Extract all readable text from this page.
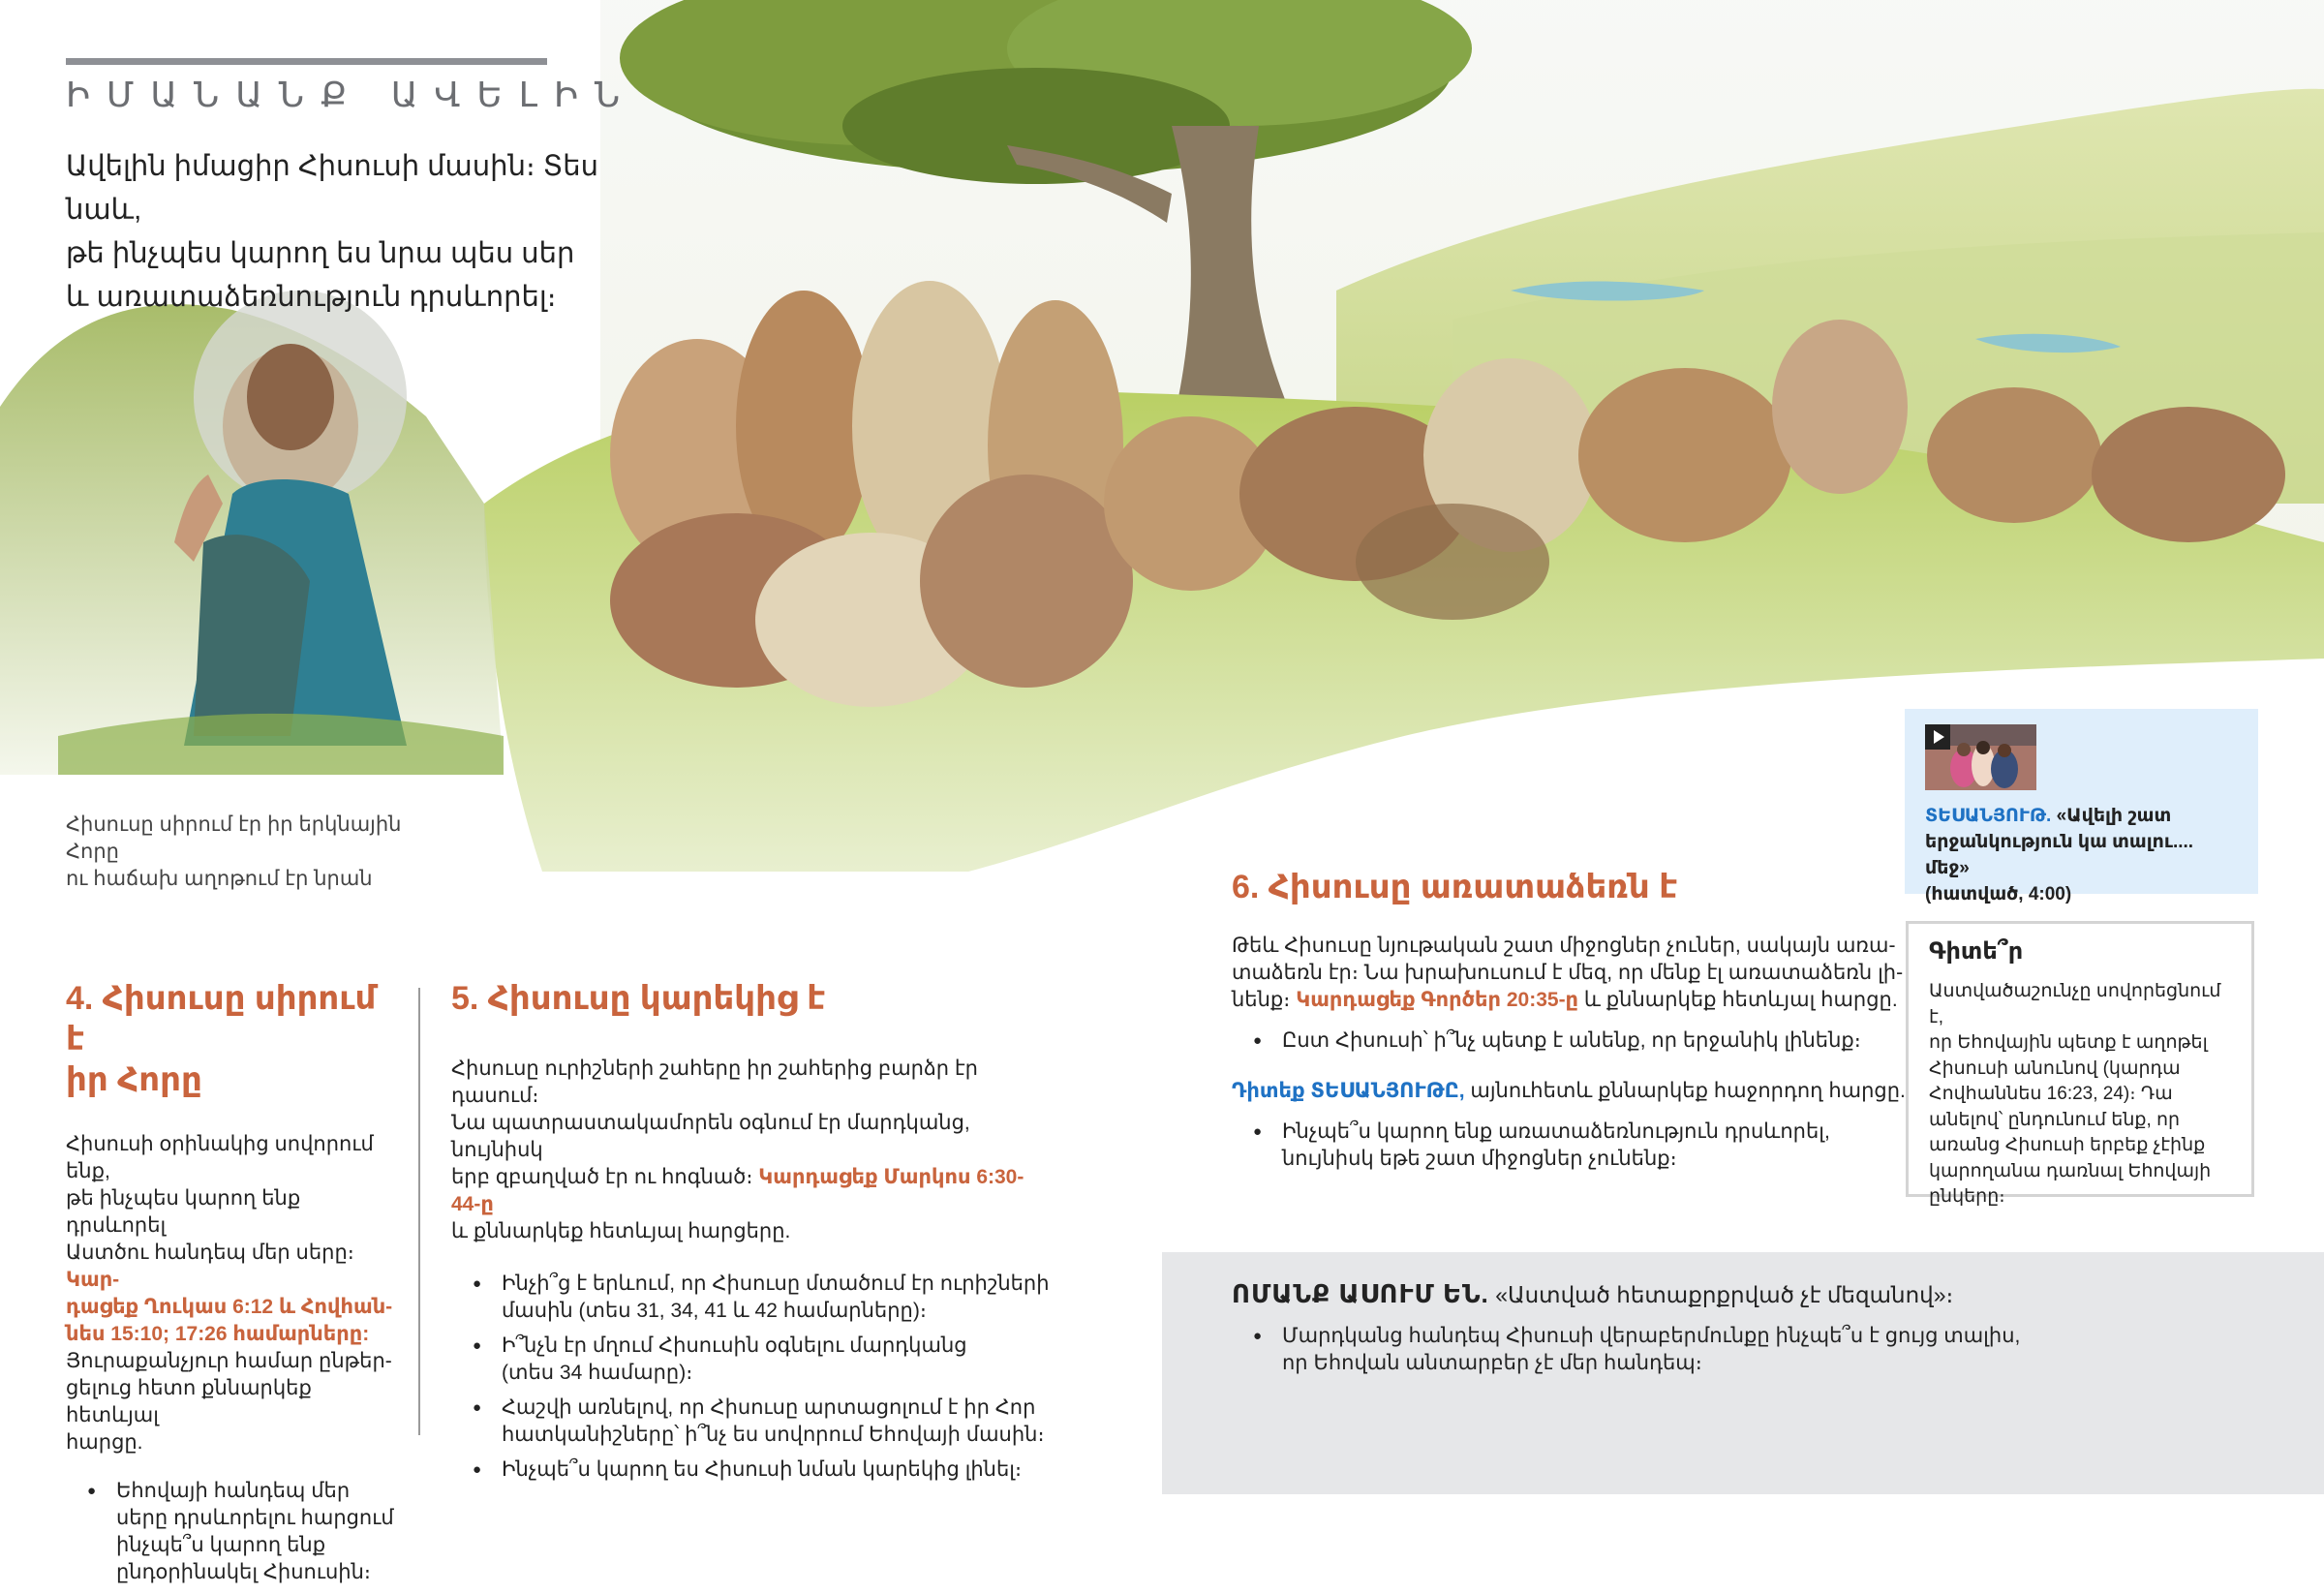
ԻՄԱՆԱՆՔ ԱՎԵԼԻՆ
Ավելին իմացիր Հիսուսի մասին։ Տես նաև,
թե ինչպես կարող ես նրա պես սեր
և առատաձեռնություն դրսևորել։
Հիսուսը սիրում էր իր երկնային Հորը
ու հաճախ աղոթում էր նրան
4. Հիսուսը սիրում է
իր Հորը
Հիսուսի օրինակից սովորում ենք,
թե ինչպես կարող ենք դրսևորել
Աստծու հանդեպ մեր սերը։ Կար-
դացեք Ղուկաս 6:12 և Հովհան-
նես 15:10; 17:26 համարները:
Յուրաքանչյուր համար ընթեր-
ցելուց հետո քննարկեք հետևյալ
հարցը.
● Եհովայի հանդեպ մեր
սերը դրսևորելու հարցում
ինչպե՞ս կարող ենք
ընդօրինակել Հիսուսին։
5. Հիսուսը կարեկից է
Հիսուսը ուրիշների շահերը իր շահերից բարձր էր դասում։
Նա պատրաստակամորեն օգնում էր մարդկանց, նույնիսկ
երբ զբաղված էր ու հոգնած։ Կարդացեք Մարկոս 6:30-44-ը
և քննարկեք հետևյալ հարցերը.
● Ինչի՞ց է երևում, որ Հիսուսը մտածում էր ուրիշների
մասին (տես 31, 34, 41 և 42 համարները)։
● Ի՞նչն էր մղում Հիսուսին օգնելու մարդկանց
(տես 34 համարը)։
● Հաշվի առնելով, որ Հիսուսը արտացոլում է իր Հոր
հատկանիշները՝ ի՞նչ ես սովորում Եհովայի մասին։
● Ինչպե՞ս կարող ես Հիսուսի նման կարեկից լինել։
6. Հիսուսը առատաձեռն է
Թեև Հիսուսը նյութական շատ միջոցներ չուներ, սակայն առա-
տաձեռն էր։ Նա խրախուսում է մեզ, որ մենք էլ առատաձեռն լի-
նենք։ Կարդացեք Գործեր 20:35-ը և քննարկեք հետևյալ հարցը.
● Ըստ Հիսուսի՝ ի՞նչ պետք է անենք, որ երջանիկ լինենք։
Դիտեք ՏԵՍԱՆՅՈՒԹԸ, այնուհետև քննարկեք հաջորդող հարցը.
● Ինչպե՞ս կարող ենք առատաձեռնություն դրսևորել,
նույնիսկ եթե շատ միջոցներ չունենք։
ՏԵՍԱՆՅՈՒԹ. «Ավելի շատ
երջանկություն կա տալու.... մեջ»
(հատված, 4:00)
Գիտե՞ր
Աստվածաշունչը սովորեցնում է,
որ Եհովային պետք է աղոթել
Հիսուսի անունով (կարդա
Հովհաննես 16:23, 24)։ Դա
անելով՝ ընդունում ենք, որ
առանց Հիսուսի երբեք չէինք
կարողանա դառնալ Եհովայի
ընկերը։
ՈՄԱՆՔ ԱՍՈՒՄ ԵՆ. «Աստված հետաքրքրված չէ մեզանով»։
● Մարդկանց հանդեպ Հիսուսի վերաբերմունքը ինչպե՞ս է ցույց տալիս,
որ Եհովան անտարբեր չէ մեր հանդեպ։
